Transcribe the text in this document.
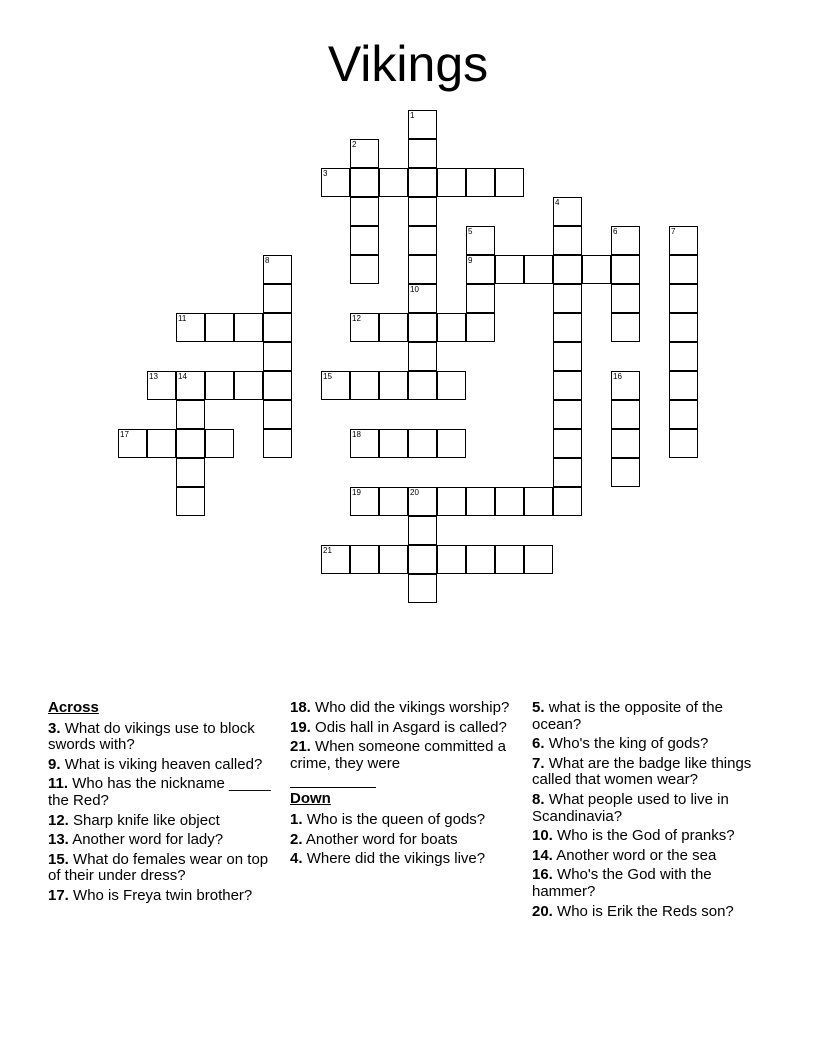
Vikings
3
9
11	12
13	14	15
17	18
19	20
21
1
2
4
5	6	7
8
10
16
Across
3. What do vikings use to block swords with?
9. What is viking heaven called?
11. Who has the nickname _____ the Red?
12. Sharp knife like object
13. Another word for lady?
15. What do females wear on top of their under dress?
17. Who is Freya twin brother?
18. Who did the vikings worship?
19. Odis hall in Asgard is called?
21. When someone committed a crime, they were
Down
1. Who is the queen of gods?
2. Another word for boats
4. Where did the vikings live?
5. what is the opposite of the ocean?
6. Who's the king of gods?
7. What are the badge like things called that women wear?
8. What people used to live in Scandinavia?
10. Who is the God of pranks?
14. Another word or the sea
16. Who's the God with the hammer?
20. Who is Erik the Reds son?
